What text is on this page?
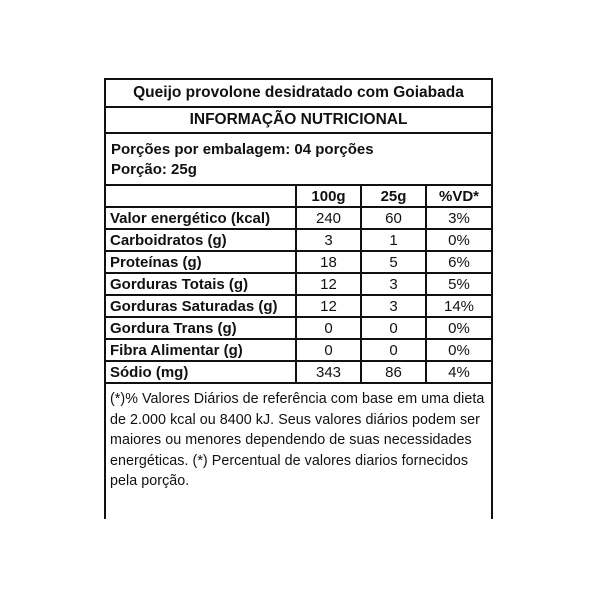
Queijo provolone desidratado com Goiabada
INFORMAÇÃO NUTRICIONAL
Porções por embalagem: 04 porções
Porção: 25g
	100g	25g	%VD*
Valor energético (kcal)	240	60	3%
Carboidratos (g)	3	1	0%
Proteínas (g)	18	5	6%
Gorduras Totais (g)	12	3	5%
Gorduras Saturadas (g)	12	3	14%
Gordura Trans (g)	0	0	0%
Fibra Alimentar (g)	0	0	0%
Sódio (mg)	343	86	4%
(*)% Valores Diários de referência com base em uma dieta de 2.000 kcal ou 8400 kJ. Seus valores diários podem ser maiores ou menores dependendo de suas necessidades energéticas. (*) Percentual de valores diarios fornecidos pela porção.
